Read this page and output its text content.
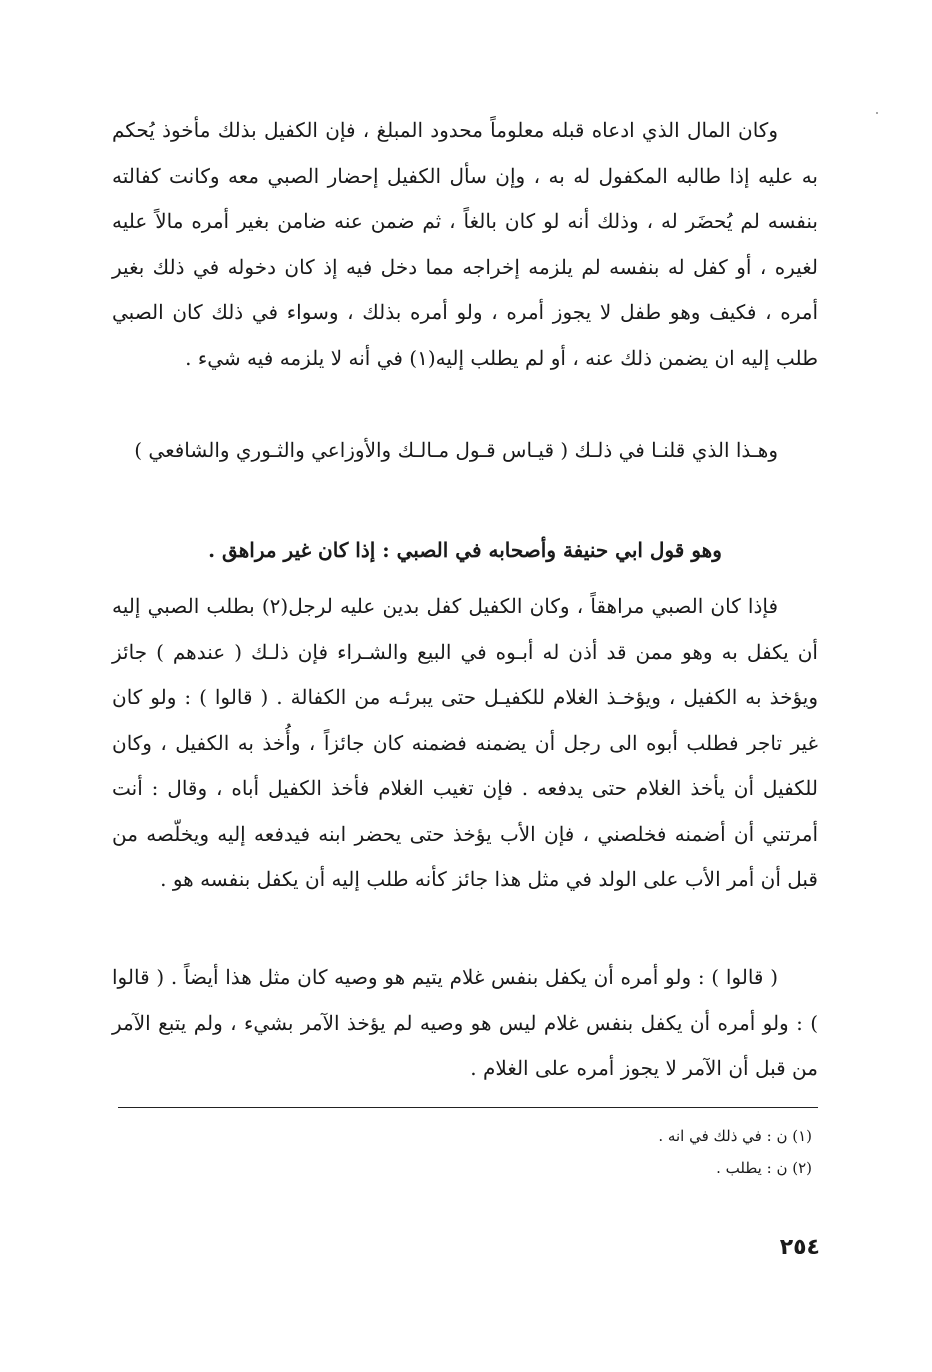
وكان المال الذي ادعاه قبله معلوماً محدود المبلغ ، فإن الكفيل بذلك مأخوذ يُحكم به عليه إذا طالبه المكفول له به ، وإن سأل الكفيل إحضار الصبي معه وكانت كفالته بنفسه لم يُحضَر له ، وذلك أنه لو كان بالغاً ، ثم ضمن عنه ضامن بغير أمره مالاً عليه لغيره ، أو كفل له بنفسه لم يلزمه إخراجه مما دخل فيه إذ كان دخوله في ذلك بغير أمره ، فكيف وهو طفل لا يجوز أمره ، ولو أمره بذلك ، وسواء في ذلك كان الصبي طلب إليه ان يضمن ذلك عنه ، أو لم يطلب إليه(١) في أنه لا يلزمه فيه شيء .

وهـذا الذي قلنـا في ذلـك ( قيـاس قـول مـالـك والأوزاعي والثـوري والشافعي )

وهو قول ابي حنيفة وأصحابه في الصبي : إذا كان غير مراهق .

فإذا كان الصبي مراهقاً ، وكان الكفيل كفل بدين عليه لرجل(٢) بطلب الصبي إليه أن يكفل به وهو ممن قد أذن له أبـوه في البيع والشـراء فإن ذلـك ( عندهم ) جائز ويؤخذ به الكفيل ، ويؤخـذ الغلام للكفيـل حتى يبرئـه من الكفالة . ( قالوا ) : ولو كان غير تاجر فطلب أبوه الى رجل أن يضمنه فضمنه كان جائزاً ، وأُخذ به الكفيل ، وكان للكفيل أن يأخذ الغلام حتى يدفعه . فإن تغيب الغلام فأخذ الكفيل أباه ، وقال : أنت أمرتني أن أضمنه فخلصني ، فإن الأب يؤخذ حتى يحضر ابنه فيدفعه إليه ويخلّصه من قبل أن أمر الأب على الولد في مثل هذا جائز كأنه طلب إليه أن يكفل بنفسه هو .

( قالوا ) : ولو أمره أن يكفل بنفس غلام يتيم هو وصيه كان مثل هذا أيضاً . ( قالوا ) : ولو أمره أن يكفل بنفس غلام ليس هو وصيه لم يؤخذ الآمر بشيء ، ولم يتبع الآمر من قبل أن الآمر لا يجوز أمره على الغلام .

(١) ن : في ذلك في انه .

(٢) ن : يطلب .

٢٥٤
